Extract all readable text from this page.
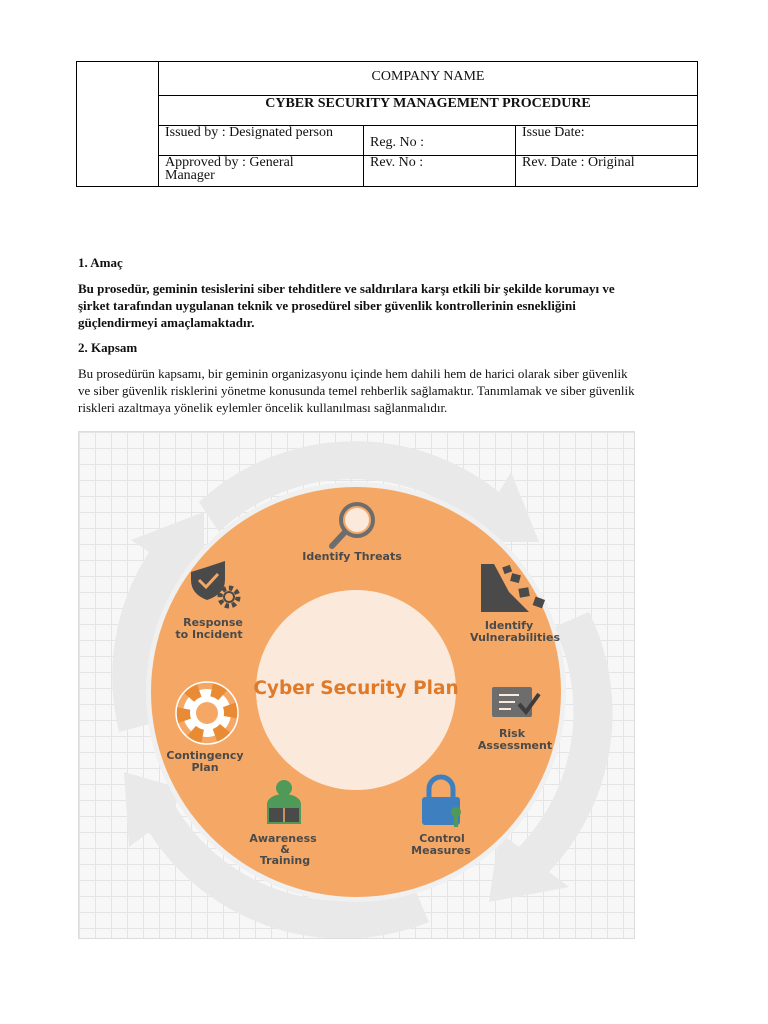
COMPANY NAME
CYBER SECURITY MANAGEMENT PROCEDURE
Issued by : Designated person
Reg. No :
Issue Date:
Approved by : General
Manager
Rev. No :	Rev. Date : Original
1. Amaç
Bu prosedür, geminin tesislerini siber tehditlere ve saldırılara karşı etkili bir şekilde korumayı ve
şirket tarafından uygulanan teknik ve prosedürel siber güvenlik kontrollerinin esnekliğini
güçlendirmeyi amaçlamaktadır.
2. Kapsam
Bu prosedürün kapsamı, bir geminin organizasyonu içinde hem dahili hem de harici olarak siber güvenlik
ve siber güvenlik risklerini yönetme konusunda temel rehberlik sağlamaktır. Tanımlamak ve siber güvenlik
riskleri azaltmaya yönelik eylemler öncelik kullanılması sağlanmalıdır.
Cyber Security Plan
Identify Threats
Identify
Vulnerabilities
Risk
Assessment
Control
Measures
Awareness
&
Training
Contingency
Plan
Response
to Incident
